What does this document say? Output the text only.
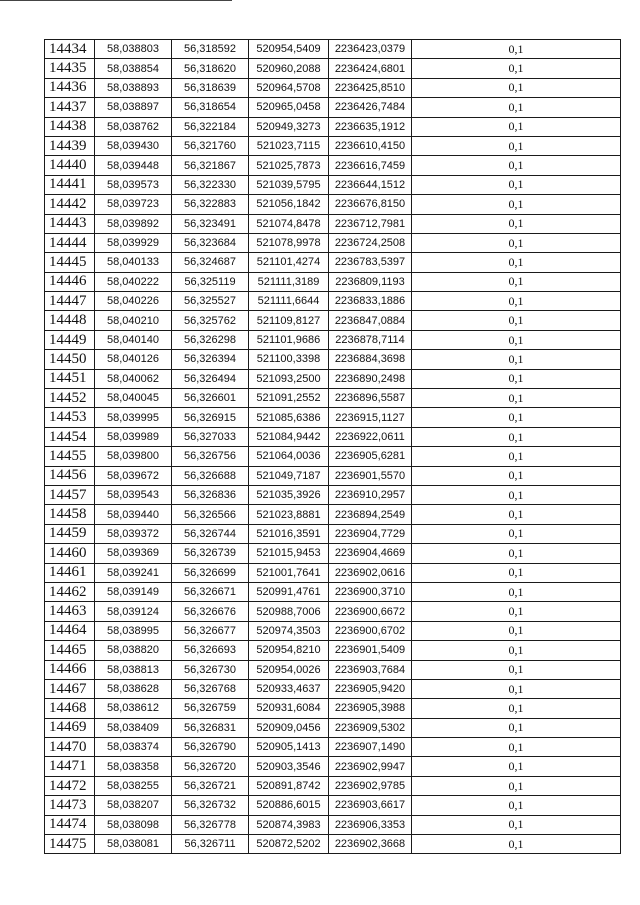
14434	58,038803	56,318592	520954,5409	2236423,0379	0,1
14435	58,038854	56,318620	520960,2088	2236424,6801	0,1
14436	58,038893	56,318639	520964,5708	2236425,8510	0,1
14437	58,038897	56,318654	520965,0458	2236426,7484	0,1
14438	58,038762	56,322184	520949,3273	2236635,1912	0,1
14439	58,039430	56,321760	521023,7115	2236610,4150	0,1
14440	58,039448	56,321867	521025,7873	2236616,7459	0,1
14441	58,039573	56,322330	521039,5795	2236644,1512	0,1
14442	58,039723	56,322883	521056,1842	2236676,8150	0,1
14443	58,039892	56,323491	521074,8478	2236712,7981	0,1
14444	58,039929	56,323684	521078,9978	2236724,2508	0,1
14445	58,040133	56,324687	521101,4274	2236783,5397	0,1
14446	58,040222	56,325119	521111,3189	2236809,1193	0,1
14447	58,040226	56,325527	521111,6644	2236833,1886	0,1
14448	58,040210	56,325762	521109,8127	2236847,0884	0,1
14449	58,040140	56,326298	521101,9686	2236878,7114	0,1
14450	58,040126	56,326394	521100,3398	2236884,3698	0,1
14451	58,040062	56,326494	521093,2500	2236890,2498	0,1
14452	58,040045	56,326601	521091,2552	2236896,5587	0,1
14453	58,039995	56,326915	521085,6386	2236915,1127	0,1
14454	58,039989	56,327033	521084,9442	2236922,0611	0,1
14455	58,039800	56,326756	521064,0036	2236905,6281	0,1
14456	58,039672	56,326688	521049,7187	2236901,5570	0,1
14457	58,039543	56,326836	521035,3926	2236910,2957	0,1
14458	58,039440	56,326566	521023,8881	2236894,2549	0,1
14459	58,039372	56,326744	521016,3591	2236904,7729	0,1
14460	58,039369	56,326739	521015,9453	2236904,4669	0,1
14461	58,039241	56,326699	521001,7641	2236902,0616	0,1
14462	58,039149	56,326671	520991,4761	2236900,3710	0,1
14463	58,039124	56,326676	520988,7006	2236900,6672	0,1
14464	58,038995	56,326677	520974,3503	2236900,6702	0,1
14465	58,038820	56,326693	520954,8210	2236901,5409	0,1
14466	58,038813	56,326730	520954,0026	2236903,7684	0,1
14467	58,038628	56,326768	520933,4637	2236905,9420	0,1
14468	58,038612	56,326759	520931,6084	2236905,3988	0,1
14469	58,038409	56,326831	520909,0456	2236909,5302	0,1
14470	58,038374	56,326790	520905,1413	2236907,1490	0,1
14471	58,038358	56,326720	520903,3546	2236902,9947	0,1
14472	58,038255	56,326721	520891,8742	2236902,9785	0,1
14473	58,038207	56,326732	520886,6015	2236903,6617	0,1
14474	58,038098	56,326778	520874,3983	2236906,3353	0,1
14475	58,038081	56,326711	520872,5202	2236902,3668	0,1
